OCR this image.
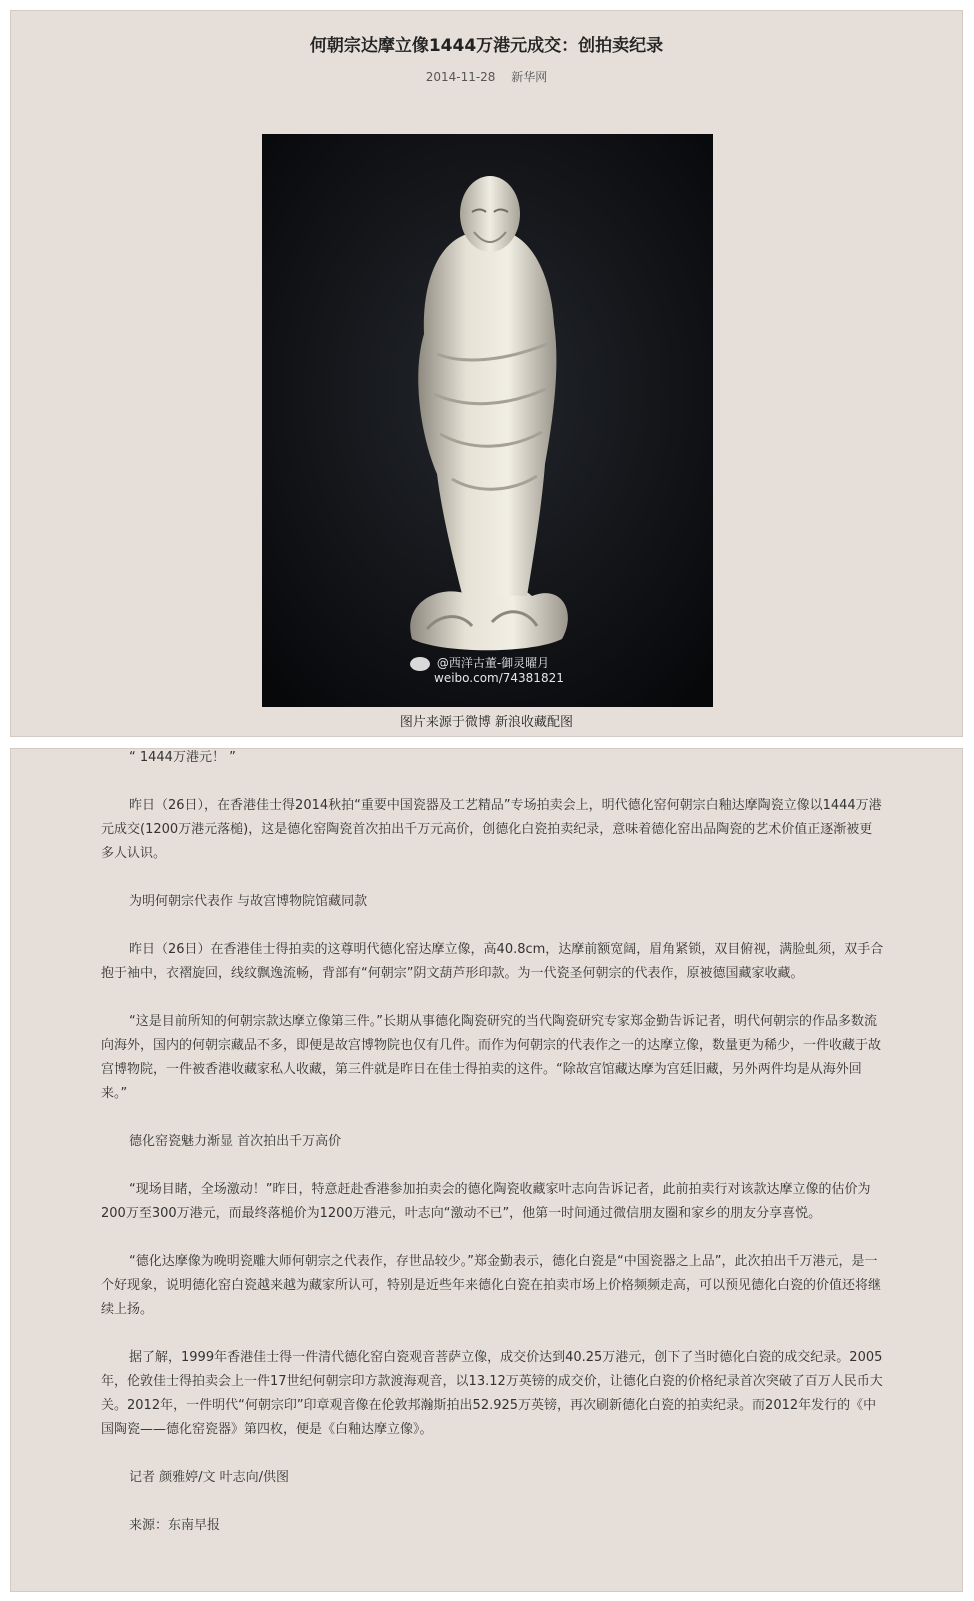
何朝宗达摩立像1444万港元成交：创拍卖纪录
2014-11-28 新华网
@西洋古董-御灵曜月
weibo.com/74381821
图片来源于微博 新浪收藏配图

“ 1444万港元！ ”

昨日（26日），在香港佳士得2014秋拍“重要中国瓷器及工艺精品”专场拍卖会上，明代德化窑何朝宗白釉达摩陶瓷立像以1444万港元成交(1200万港元落槌)，这是德化窑陶瓷首次拍出千万元高价，创德化白瓷拍卖纪录，意味着德化窑出品陶瓷的艺术价值正逐渐被更多人认识。

为明何朝宗代表作 与故宫博物院馆藏同款

昨日（26日）在香港佳士得拍卖的这尊明代德化窑达摩立像，高40.8cm，达摩前额宽阔，眉角紧锁，双目俯视，满脸虬须，双手合抱于袖中，衣褶旋回，线纹飘逸流畅，背部有“何朝宗”阴文葫芦形印款。为一代瓷圣何朝宗的代表作，原被德国藏家收藏。

“这是目前所知的何朝宗款达摩立像第三件。”长期从事德化陶瓷研究的当代陶瓷研究专家郑金勤告诉记者，明代何朝宗的作品多数流向海外，国内的何朝宗藏品不多，即便是故宫博物院也仅有几件。而作为何朝宗的代表作之一的达摩立像，数量更为稀少，一件收藏于故宫博物院，一件被香港收藏家私人收藏，第三件就是昨日在佳士得拍卖的这件。“除故宫馆藏达摩为宫廷旧藏，另外两件均是从海外回来。”

德化窑瓷魅力渐显 首次拍出千万高价

“现场目睹，全场激动！”昨日，特意赶赴香港参加拍卖会的德化陶瓷收藏家叶志向告诉记者，此前拍卖行对该款达摩立像的估价为200万至300万港元，而最终落槌价为1200万港元，叶志向“激动不已”，他第一时间通过微信朋友圈和家乡的朋友分享喜悦。

“德化达摩像为晚明瓷雕大师何朝宗之代表作，存世品较少。”郑金勤表示，德化白瓷是“中国瓷器之上品”，此次拍出千万港元，是一个好现象，说明德化窑白瓷越来越为藏家所认可，特别是近些年来德化白瓷在拍卖市场上价格频频走高，可以预见德化白瓷的价值还将继续上扬。

据了解，1999年香港佳士得一件清代德化窑白瓷观音菩萨立像，成交价达到40.25万港元，创下了当时德化白瓷的成交纪录。2005年，伦敦佳士得拍卖会上一件17世纪何朝宗印方款渡海观音，以13.12万英镑的成交价，让德化白瓷的价格纪录首次突破了百万人民币大关。2012年，一件明代“何朝宗印”印章观音像在伦敦邦瀚斯拍出52.925万英镑，再次刷新德化白瓷的拍卖纪录。而2012年发行的《中国陶瓷——德化窑瓷器》第四枚，便是《白釉达摩立像》。

记者 颜雅婷/文 叶志向/供图

来源：东南早报
